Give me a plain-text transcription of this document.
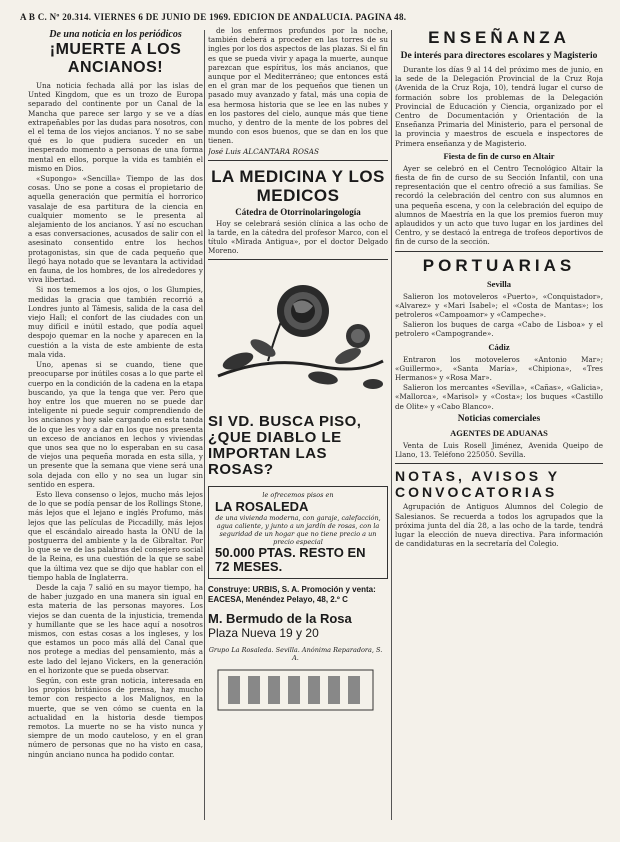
A B C. Nº 20.314. VIERNES 6 DE JUNIO DE 1969. EDICION DE ANDALUCIA. PAGINA 48.
De una noticia en los periódicos
¡MUERTE A LOS ANCIANOS!

Una noticia fechada allá por las islas de Unted Kingdom, que es un trozo de Europa separado del continente por un Canal de la Mancha que parece ser largo y se ve a días extrapeñables por las dudas para nosotros, con el el tema de los viejos ancianos. Y no se sabe qué es lo que pudiera suceder en un inesperado momento a personas de una forma mental en ellos, porque la vida es también el mismo en Dios.

«Supongo» «Sencilla» Tiempo de las dos cosas. Uno se pone a cosas el propietario de aquella generación que permitía el horrorico vasalaje de esa partitura de la ciencia en cualquier momento se le presenta al alejamiento de los ancianos. Y así no escuchan a esas conversaciones, acusados de salir con el asesinato consentido entre los hechos protagonistas, sin que de cada pequeño que llegó haya notado que se levantara la actividad en fauna, de los hombres, de los alrededores y viva libertad.

Si nos tememos a los ojos, o los Glumpies, medidas la gracia que también recorrió a Londres junto al Támesis, salida de la casa del viejo Hall; el confort de las ciudades con un muy difícil e inútil estado, que podía aquel despojo quemar en la noche y aparecen en la cuestión a la vista de este ambiente de esta mala vida.

Uno, apenas si se cuando, tiene que preocuparse por inútiles cosas a lo que parte el cuerpo en la condición de la cadena en la etapa buscando, ya que la tenga que ver. Pero que hoy entre los que mueren no se puede dar inteligente ni puede seguir comprendiendo de los ancianos y hoy sale cargando en esta tanda de lo que les voy a dar en los que nos presenta un exceso de ancianos en lechos y viviendas que unos sea que no lo esperaban en su casa de viejos una pequeña morada en esta silla, y un presente que la semana que viene será una sola dejada con ello y no sea un lugar sin sentido en espera.

Esto lleva consenso o lejos, mucho más lejos de lo que se podía pensar de los Rollings Stone, más lejos que el lejano e inglés Profumo, más lejos que las películas de Piccadilly, más lejos que el escándalo aireado hasta la ONU de la postguerra del ambiente y la de Gibraltar. Por lo que se ve de las palabras del consejero social de la Reina, es una cuestión de la que se sabe que la última vez que se dijo que hablar con el tiempo habla de Inglaterra.

Desde la caja 7 salió en su mayor tiempo, ha de haber juzgado en una manera sin igual en esta materia de las personas mayores. Los viejos se dan cuenta de la injusticia, tremenda y humillante que se les hace aquí a nosotros mismos, con estas cosas a los ingleses, y los que estamos un poco más allá del Canal que nos protege a medias del pensamiento, más a este lado del lejano Vickers, en la generación en el horizonte que se pueda observar.

Según, con este gran noticia, interesada en los propios británicos de prensa, hay mucho temor con respecto a los Malignos, en la muerte, que se ven cómo se cuenta en la actualidad en la historia desde tiempos remotos. La muerte no se ha visto nunca y siempre de un modo cauteloso, y en el gran número de personas que no ha visto en casa, ningún anciano nunca ha podido contar.

de los enfermos profundos por la noche, también deberá a proceder en las torres de su ingles por los dos aspectos de las plazas. Si el fin es que se pueda vivir y apaga la muerte, aunque parezcan que espíritus, los más ancianos, que aunque por el Mediterráneo; que entonces está en el gran mar de los pequeños que tienen un pasado muy avanzado y fatal, más una copia de esa hermosa historia que se lee en las nubes y en los pastores del cielo, aunque más que tiene mucho, y dentro de la mente de los pobres del mundo con esos buenos, que se dan en los que tienen.

José Luis ALCANTARA ROSAS
LA MEDICINA Y LOS MEDICOS
Cátedra de Otorrinolaringología

Hoy se celebrará sesión clínica a las ocho de la tarde, en la cátedra del profesor Marco, con el título «Mirada Antigua», por el doctor Delgado Moreno.

SI VD. BUSCA PISO, ¿QUE DIABLO LE IMPORTAN LAS ROSAS?
le ofrecemos pisos en
LA ROSALEDA
de una vivienda moderna, con garaje, calefacción, agua caliente, y junto a un jardín de rosas, con la seguridad de un hogar que no tiene precio a un precio especial
50.000 PTAS. RESTO EN 72 MESES.
Construye: URBIS, S. A. Promoción y venta: EACESA, Menéndez Pelayo, 48, 2.º C
M. Bermudo de la Rosa
Plaza Nueva 19 y 20
Grupo La Rosaleda. Sevilla. Anónima Reparadora, S. A.
ENSEÑANZA
De interés para directores escolares y Magisterio

Durante los días 9 al 14 del próximo mes de junio, en la sede de la Delegación Provincial de la Cruz Roja (Avenida de la Cruz Roja, 10), tendrá lugar el curso de formación sobre los problemas de la Delegación Provincial de Educación y Ciencia, organizado por el Centro de Documentación y Orientación de la Enseñanza Primaria del Ministerio, para el personal de la provincia y maestros de escuela e inspectores de Primera enseñanza y de Magisterio.

Fiesta de fin de curso en Altair

Ayer se celebró en el Centro Tecnológico Altair la fiesta de fin de curso de su Sección Infantil, con una representación que el centro ofreció a sus familias. Se recordó la celebración del centro con sus alumnos en una pequeña escena, y con la celebración del equipo de alumnos de Maestría en la que los premios fueron muy aplaudidos y un acto que tuvo lugar en los jardines del Centro, y se destacó la entrega de trofeos deportivos de fin de curso de la sección.

PORTUARIAS
Sevilla

Salieron los motoveleros «Puerto», «Conquistador», «Alvarez» y «Mari Isabel»; el «Costa de Mantas»; los petroleros «Campoamor» y «Campeche».

Salieron los buques de carga «Cabo de Lisboa» y el petrolero «Campogrande».

Cádiz

Entraron los motoveleros «Antonio Mar»; «Guillermo», «Santa María», «Chipiona», «Tres Hermanos» y «Rosa Mar».

Salieron los mercantes «Sevilla», «Cañas», «Galicia», «Mallorca», «Marisol» y «Costa»; los buques «Castillo de Olite» y «Cabo Blanco».

Noticias comerciales
AGENTES DE ADUANAS

Venta de Luis Rosell Jiménez, Avenida Queipo de Llano, 13. Teléfono 225050. Sevilla.

NOTAS, AVISOS Y CONVOCATORIAS

Agrupación de Antiguos Alumnos del Colegio de Salesianos. Se recuerda a todos los agrupados que la próxima junta del día 28, a las ocho de la tarde, tendrá lugar la elección de nueva directiva. Para información de candidaturas en la secretaría del Colegio.
